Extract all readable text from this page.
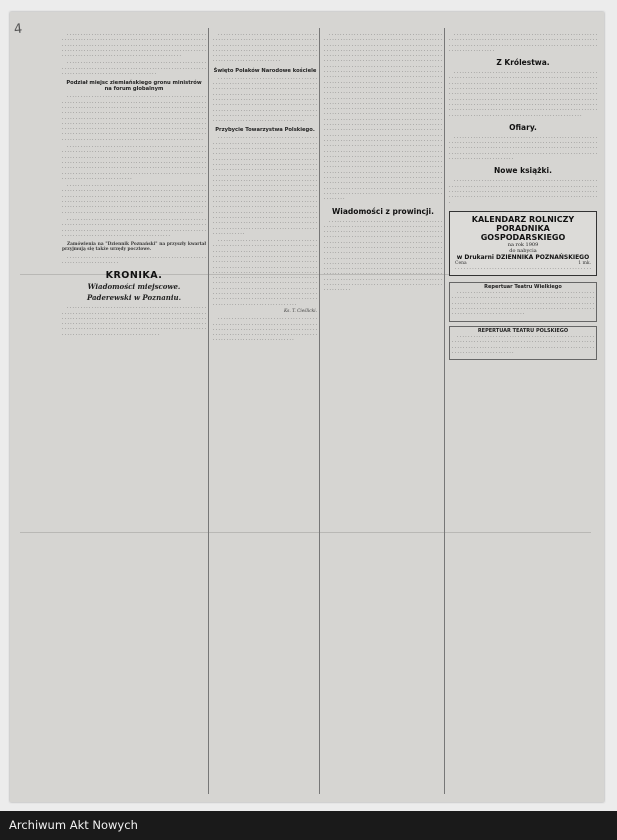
. . . . . . . . . . . . . . . . . . . . . . . . . . . . . . . . . . . . . . . . . . . . . . . . . . . . . . . . . . . . . . . . . . . . . . . . . . . . . . . . . . . . . . . . . . . . . . . . . . . . . . . . . . . . . . . . . . . . . . . . . . . . . . . . . . . . . . . . . . . . . . . . . . . . . . . . . . . . . . . . . . . . . . . . . . . . . . . . . . . . . . . . . . . . . . . . . . . . . . . . . . . . . . . . . . . . . . . . . . . . . . . . . . . . . . . . . . . . . . . . . . . . . . . . . . . . . .

. . . . . . . . . . . . . . . . . . . . . . . . . . . . . . . . . . . . . . . . . . . . . . . . . . . . . . . . . . . . . . . . . . . . . . . . . . . . . . . . . . . . . . . . . . . . . . . . . . . . . . . . . . . . . . . . . . . . . . . . . . . . . . . . . . . . . . . . . . .

Podział miejsc ziemiańskiego gronu ministrów na forum globalnym

. . . . . . . . . . . . . . . . . . . . . . . . . . . . . . . . . . . . . . . . . . . . . . . . . . . . . . . . . . . . . . . . . . . . . . . . . . . . . . . . . . . . . . . . . . . . . . . . . . . . . . . . . . . . . . . . . . . . . . . . . . . . . . . . . . . . . . . . . . . . . . . . . . . . . . . . . . . . . . . . . . . . . . . . . . . . . . . . . . . . . . . . . . . . . . . . . . . . . . . . . . . . . . . . . . . . . . . . . . . . . . . . . . . . . . . . . . . . . . . . . . . . . . . . . . . . . . . . . . . . . . . . . . . . . . . . . . . . . . . . . . . . . . . . . . . . . . . . . . . . . . . . . . . . . . . . . . . . . . . . . . . . . . . . . . . . . . . . . . . . . . . . . . . . . . . . . . . . . . . . . . . . . . . . . . . . . . . . . . . . . . . . . . . . . . . . . . . . . . . . . . . . . . . . . . . . . . . . . . . . . . . . . . . . . . . . . . . . . . . . . . . . . . . . . . . . . . . . . . . . . . . . . . . . . . . . . .

. . . . . . . . . . . . . . . . . . . . . . . . . . . . . . . . . . . . . . . . . . . . . . . . . . . . . . . . . . . . . . . . . . . . . . . . . . . . . . . . . . . . . . . . . . . . . . . . . . . . . . . . . . . . . . . . . . . . . . . . . . . . . . . . . . . . . . . . . . . . . . . . . . . . . . . . . . . . . . . . . . . . . . . . . . . . . . . . . . . . . . . . . . . . . . . . . . . . . . . . . . . . . . . . . . . . . . . . . . . . . . . . . . . . . . . . . . . . . . . . . . . . . . . . . . . . . . . . . . . . . . . . . . . . . . . . . . . . . . . . . . . . . . . . . . . . . . . . . . . . . . . . . . . . . . . . . . . . . . . . . . . . . . . . . . . . . . . . . . . . . .

. . . . . . . . . . . . . . . . . . . . . . . . . . . . . . . . . . . . . . . . . . . . . . . . . . . . . . . . . . . . . . . . . . . . . . . . . . . . . . . . . . . . . . . . . . . . . . . . . . . . . . . . . . . . . . . . . . . . . . . . . . . . . . . . . . . . . . . . . . . . . . . . . . . . . . . . . . . . . . . . . . . . . . . . . . . . . . . . . . . . . . . . . . . . . . . . . . . . . . . . . . . . . . . . . . . . . . . . . . . . . . . . . . . . . . . . . . . . . . . . . . . . . . . . . . . . . . . . . . . . . . . . . . . . . . . . . . . . . . . . . . . . . . . . . . . . . . . . . . . . . . . . . . . . . . . . . . .

. . . . . . . . . . . . . . . . . . . . . . . . . . . . . . . . . . . . . . . . . . . . . . . . . . . . . . . . . . . . . . . . . . . . . . . . . . . . . . . . . . . . . . . . . . . . . . . . . . . . . . . . . . . . . . . . . . . . . . . . . . . . . . . . . . . . . . . . . . . . . . . . . . . . . . . . . . . . . . . . . . . . . . . . . . . . . . . . . . . . . . . . . . . . . . . . . . . . .

Zamówienia na "Dziennik Poznański" na przyszły kwartał przyjmują się także urzędy pocztowe.

. . . . . . . . . . . . . . . . . . . . . . . . . . . . . . . . . . . . . . . . . . . . . . . . . . . . . . . . . . . . . . . . . . . . . . . .

KRONIKA.
Wiadomości miejscowe.
Paderewski w Poznaniu.

. . . . . . . . . . . . . . . . . . . . . . . . . . . . . . . . . . . . . . . . . . . . . . . . . . . . . . . . . . . . . . . . . . . . . . . . . . . . . . . . . . . . . . . . . . . . . . . . . . . . . . . . . . . . . . . . . . . . . . . . . . . . . . . . . . . . . . . . . . . . . . . . . . . . . . . . . . . . . . . . . . . . . . . . . . . . . . . . . . . . . . . . . . . . . . . . . . . . . . . . . . . . . . . . . . . . . . . . . . . . . . . . . . . . . . . . . . . . . . . . . . . . . . . . . . . . . . . . . . . . . . . . . . . . . . . . . . . . . . . . . . . . . . . . . . . . . . . . . . .

. . . . . . . . . . . . . . . . . . . . . . . . . . . . . . . . . . . . . . . . . . . . . . . . . . . . . . . . . . . . . . . . . . . . . . . . . . . . . . . . . . . . . . . . . . . . . . . . . . . . . . . . . . . . . . . . . . . . . . . . . . . . . . . . . . . . . . . . . . . . . . . . . . . . . . . . . . . . . . . . . . . . . . . . . . . . . . . . . . . . . . . . . . . . . . . . . . . . . . . . . . . . . . . . . . . . .

Święto Polaków Narodowe kościele

. . . . . . . . . . . . . . . . . . . . . . . . . . . . . . . . . . . . . . . . . . . . . . . . . . . . . . . . . . . . . . . . . . . . . . . . . . . . . . . . . . . . . . . . . . . . . . . . . . . . . . . . . . . . . . . . . . . . . . . . . . . . . . . . . . . . . . . . . . . . . . . . . . . . . . . . . . . . . . . . . . . . . . . . . . . . . . . . . . . . . . . . . . . . . . . . . . . . . . . . . . . . . . . . . . . . . . . . . . . . . . . . . . . . . . . . . . . . . . . . . . . . . . . . . . . . . . . . . . . . . . . . . . . . . . . . . . . . . . . . . . . . . . . . . . . . . . . . . . . . . . . . . . . . . . . . . . . . . . . . . . . . . . . . . . . . . . . .

Przybycie Towarzystwa Polskiego.

. . . . . . . . . . . . . . . . . . . . . . . . . . . . . . . . . . . . . . . . . . . . . . . . . . . . . . . . . . . . . . . . . . . . . . . . . . . . . . . . . . . . . . . . . . . . . . . . . . . . . . . . . . . . . . . . . . . . . . . . . . . . . . . . . . . . . . . . . . . . . . . . . . . . . . . . . . . . . . . . . . . . . . . . . . . . . . . . . . . . . . . . . . . . . . . . . . . . . . . . . . . . . . . . . . . . . . . . . . . . . . . . . . . . . . . . . . . . . . . . . . . . . . . . . . . . . . . . . . . . . . . . . . . . . . . . . . . . . . . . . . . . . . . . . . . . . . . . . . . . . . . . . . . . . . . . . . . . . . . . . . . . . . . . . . . . . . . . . . . . . . . . . . . . . . . . . . . . . . . . . . . . . . . . . . . . . . . . . . . . . . . . . . . . . . . . . . . . . . . . . . . . . . . . . . . . . . . . . . . . . . . . . . . . . . . . . . . . . . . . . . . . . . . . . . . . . . . . . . . . . . . . . . . . . . . . . . . . . . . . . . . . . . . . . . . . . . . . . . . . . . . . . . . . . . . . . . . . . . . . . . . . . . . . . . . . . . . . . . . . . . . . . . . . . . . . . . . . . . . . . . . . . . . . . . . . . . . . . . . . . . . . . . . . . . . . . . . . . . . . . . . . . . . . . . . . . . . . . . . . . . . . . . . . . . . . . . . . . . . . . . . . . . . . . . . . . . . . . . . . . . . . . . . . . . . . . . . . . . . . . . . . . . . . . . . . . .

. . . . . . . . . . . . . . . . . . . . . . . . . . . . . . . . . . . . . . . . . . . . . . . . . . . . . . . . . . . . . . . . . . . . . . . . . . . . . . . . . . . . . . . . . . . . . . . . . . . . . . . . . . . . . . . . . . . . . . . . . . . . . . . . . . . . . . . . . . . . . . . . . . . . . . . . . . . . . . . . . . . . . . . . . . . . . . . . . . . . . . . . . . . . . . . . . . . . . . . . . . . . . . . . . . . . . . . . . . . . . . . . . . . . . . . . . . . . . . . . . . . . . . . . . . . . . . . . . . . . . . . . . . . . . . . . . . . . . . . . . . . . . . . . . . . . . . . . . . . . . . . . . . . . . . . . . . . . . . . . . . . . . . . . . . . . . . . . . . . . . . . . . . . . . . . . . . . . . . . . . . . . . . . . . . . . . . . . . . . . . . . . . . . . . . . . . . . . . . . . . . . . . . . . . . . . . . . . . . . . . . . . . . . . . . . . . . . . . . . . . . . . . . . . . . . . . . . . . . . . . . . . . . . . . . . . . . . . . . . . . . . . .

Ks. T. Cieślicki.

. . . . . . . . . . . . . . . . . . . . . . . . . . . . . . . . . . . . . . . . . . . . . . . . . . . . . . . . . . . . . . . . . . . . . . . . . . . . . . . . . . . . . . . . . . . . . . . . . . . . . . . . . . . . . . . . . . . . . . . . . . . . . . . . . . . . . . . . . . . . . . . . . . . . . . . . . . . . . . . . . . . . . . . . . . . . . . . . . . . .

. . . . . . . . . . . . . . . . . . . . . . . . . . . . . . . . . . . . . . . . . . . . . . . . . . . . . . . . . . . . . . . . . . . . . . . . . . . . . . . . . . . . . . . . . . . . . . . . . . . . . . . . . . . . . . . . . . . . . . . . . . . . . . . . . . . . . . . . . . . . . . . . . . . . . . . . . . . . . . . . . . . . . . . . . . . . . . . . . . . . . . . . . . . . . . . . . . . . . . . . . . . . . . . . . . . . . . . . . . . . . . . . . . . . . . . . . . . . . . . . . . . . . . . . . . . . . . . . . . . . . . . . . . . . . . . . . . . . . . . . . . . . . . . . . . . . . . . . . . . . . . . . . . . . . . . . . . . . . . . . . . . . . . . . . . . . . . . . . . . . . . . . . . . . . . . . . . . . . . . . . . . . . . . . . . . . . . . . . . . . . . . . . . . . . . . . . . . . . . . . . . . . . . . . . . . . . . . . . . . . . . . . . . . . . . . . . . . . . . . . . . . . . . . . . . . . . . . . . . . . . . . . . . . . . . . . . . . . . . . . . . . . . . . . . . . . . . . . . . . . . . . . . . . . . . . . . . . . . . . . . . . . . . . . . . . . . . . . . . . . . . . . . . . . . . . . . . . . . . . . . . . . . . . . . . . . . . . . . . . . . . . . . . . . . . . . . . . . . . . . . . . . . . . . . . . . . . . . . . . . . . . . . . . . . . . . . . . . . . . . . . . . . . . . . . . . . . . . . . . . . . . . . . . . . . . . . . . . . . . . . . . . . . . . . . . . . . . . . . . . . . . . . . . . . . . . . . . . . . . . . . . . . . . . . . . . . . . . . . . . . . . . . . . . . . . . . . . . . . . . . . . . . . . . . . . . . . . . . . . . . . . . . . . . . . . . . . . . . . . . . . . . . . . . . . . . . . . . . . . . . . . . . . . . . . . . . . . . . . . . . . . . . . . . . . . . . . . . . . . . . . . . . . . . . . . . . . . . . . . . . . . . . . . . . . . . . . . . . . . . . . . . . . . . . . . . . . . . . . . . . . . . . . . . . . . . . . . . . . . . . . . . . . . . . . . . . . . . . . . . . . . . . . . . . . . . . . . . . . . . . . . . . . . . . . . . . . . . . . . . . . . . . . . . . . . . . . . . . . . . . . . . . . . . . . . . . . . . . . . . . . . . . . . . . . . . . . . . . . . . . . . . . . . . . . . . . . . . . . . . . . . . . . . . . . . . . . . . . . . . . . . . . . . . . . . . . . . . . . . . . . . . . . . . . . . . . . . . . . . . . . . . . . . . . . . . . . . . . . . . . . . . . . . . . . . . . . . . . . . . . . . . . . . . . . . . . . . . . . . . . . . . . . . . . . . . . . . . . . . . . . . . . . . . . . . . . . . . . . . . . . . . . . . . . . . . . . . . . . . . . . . . . . . . . . . . . . . . . . . . . . . . . . . . . . . . . . . . . . . . . . . . . . . . . . . . . . . . . . . . . . . . . . . . . . . . . . . . . . .

Wiadomości z prowincji.

. . . . . . . . . . . . . . . . . . . . . . . . . . . . . . . . . . . . . . . . . . . . . . . . . . . . . . . . . . . . . . . . . . . . . . . . . . . . . . . . . . . . . . . . . . . . . . . . . . . . . . . . . . . . . . . . . . . . . . . . . . . . . . . . . . . . . . . . . . . . . . . . . . . . . . . . . . . . . . . . . . . . . . . . . . . . . . . . . . . . . . . . . . . . . . . . . . . . . . . . . . . . . . . . . . . . . . . . . . . . . . . . . . . . . . . . . . . . . . . . . . . . . . . . . . . . . . . . . . . . . . . . . . . . . . . . . . . . . . . . . . . . . . . . . . . . . . . . . . . . . . . . . . . . . . . . . . . . . . . . . . . . . . . . . . . . . . . . . . . . . . . . . . . . . . . . . . . . . . . . . . . . . . . . . . . . . . . . . . . . . . . . . . . . . . . . . . . . . . . . . . . . . . . . . . . . . . . . . . . . . . . . . . . . . . . . . . . . . . . . . . . . . . . . . . . . . . . . . . . . . . . . . . . . . . . . . . . . . . . . . . . . . . . . . . . . . . . . . . . . . . . . . . . . . . . . . . . . . . . . . . . . . . . . . . . . . . . . . . . . . . . . . . . . . . . . . . . . . . . . . . . . . . .

. . . . . . . . . . . . . . . . . . . . . . . . . . . . . . . . . . . . . . . . . . . . . . . . . . . . . . . . . . . . . . . . . . . . . . . . . . . . . . . . . . . . . . . . . . . . . . . . . . . . . . . . . . . . . . . . . . . . . . . . . . . . . . . . . . . . . . . . . . . . . . . . . . . . . . . . . . . . . . . . . . . . . . . . . . . . . . . . .

Z Królestwa.

. . . . . . . . . . . . . . . . . . . . . . . . . . . . . . . . . . . . . . . . . . . . . . . . . . . . . . . . . . . . . . . . . . . . . . . . . . . . . . . . . . . . . . . . . . . . . . . . . . . . . . . . . . . . . . . . . . . . . . . . . . . . . . . . . . . . . . . . . . . . . . . . . . . . . . . . . . . . . . . . . . . . . . . . . . . . . . . . . . . . . . . . . . . . . . . . . . . . . . . . . . . . . . . . . . . . . . . . . . . . . . . . . . . . . . . . . . . . . . . . . . . . . . . . . . . . . . . . . . . . . . . . . . . . . . . . . . . . . . . . . . . . . . . . . . . . . . . . . . . . . . . . . . . . . . . . . . . . . . . . . . . . . . . . . . . . . . . . . . . . . . . . . . . . . . . . . . . . . . . . . . . . . . . . . . . . . . . . . . . . . . . . . . . . . . . . . . . . . . . . . . . . . . . . . . . . . . . . . . . . . . . . . . . . . . . . . . . . . . . . . . . . . . . . . . . . . . . . . . . . . . . . . . . . . . . . . . . . . . .

Ofiary.

. . . . . . . . . . . . . . . . . . . . . . . . . . . . . . . . . . . . . . . . . . . . . . . . . . . . . . . . . . . . . . . . . . . . . . . . . . . . . . . . . . . . . . . . . . . . . . . . . . . . . . . . . . . . . . . . . . . . . . . . . . . . . . . . . . . . . . . . . . . . . . . . . . . . . . . . . . . . . . . . . . . . . . . . . . . . . . . . . . . . . . . . . . . . . . . . . . . . . . . . . . . . . . . . . . . . . . . . . . . . . . . . . . . . . . . . . . . . . .

Nowe książki.

. . . . . . . . . . . . . . . . . . . . . . . . . . . . . . . . . . . . . . . . . . . . . . . . . . . . . . . . . . . . . . . . . . . . . . . . . . . . . . . . . . . . . . . . . . . . . . . . . . . . . . . . . . . . . . . . . . . . . . . . . . . . . . . . . . . . . . . . . . . . . . . . . . . . . . . . . . . . . . . . . . . . . . . . . . . . . . . . . . . . . . . . . . . . . . . . . . . . . . . . . . . . . . . . . . . . . . .

KALENDARZ ROLNICZY
PORADNIKA GOSPODARSKIEGO
na rok 1909
do nabycia
w Drukarni DZIENNIKA POZNAŃSKIEGO
Cena	1 mk.
. . . . . . . . . . . . . . . . . . . . . . . . . . . . . . . . . . . . . . . . . . . . . . . .
Repertuar Teatru Wielkiego

. . . . . . . . . . . . . . . . . . . . . . . . . . . . . . . . . . . . . . . . . . . . . . . . . . . . . . . . . . . . . . . . . . . . . . . . . . . . . . . . . . . . . . . . . . . . . . . . . . . . . . . . . . . . . . . . . . . . . . . . . . . . . . . . . . . . . . . . . . . . . . . . . . . . . . . . . . . . . . . . . . . . . . . . . . . . . . . . . . . . . . . . . . . . . . . . . . . . . . . . . . . . . . . . . . . . . . . . . . . . . . . . . . . . . . . . .

REPERTUAR TEATRU POLSKIEGO

. . . . . . . . . . . . . . . . . . . . . . . . . . . . . . . . . . . . . . . . . . . . . . . . . . . . . . . . . . . . . . . . . . . . . . . . . . . . . . . . . . . . . . . . . . . . . . . . . . . . . . . . . . . . . . . . . . . . . . . . . . . . . . . . . . . . . . . . . . . . . . . . . . . . . . . . . . . . . . . . . . . . . . . . . . . . . . . . .

4
Archiwum Akt Nowych
